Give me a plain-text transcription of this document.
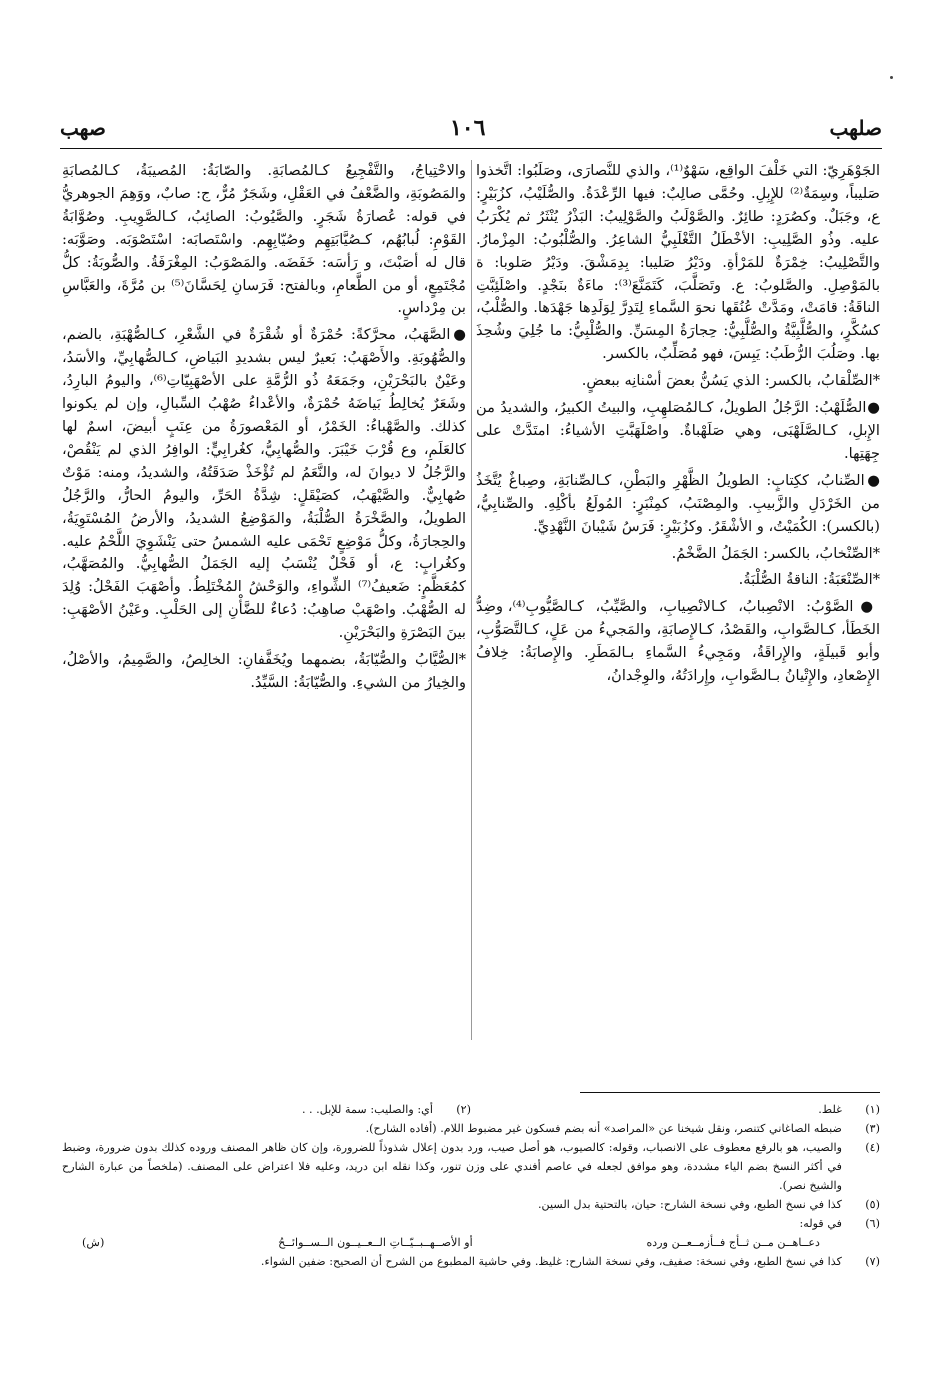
صلهب
١٠٦
صهب

الجَوْهَرِيّ: التي خَلْفَ الواقِع، سَهْوٌ⁽¹⁾، والذي للنَّصارَى، وصَلَبُوا: اتَّخذوا صَليباً، وسِمَةٌ⁽²⁾ للإِبِلِ. وحُمَّى صالِبٌ: فيها الرِّعْدَةُ. والصُّلَيْبُ، كزُبَيْرٍ: ع، وجَبَلٌ. وكصُرَدٍ: طائِرٌ. والصَّوْلَبُ والصَّوْلِيبُ: البَذْرُ يُنْثَرُ ثم يُكْرَبُ عليه. وذُو الصَّلِيبِ: الأخْطَلُ التَّغْلَبِيُّ الشاعِرُ. والصُّلْبُوبُ: المِزْمارُ. والتَّصْلِيبُ: خِمْرَةٌ للمَرْأةِ. ودَيْرُ صَليبا: بِدِمَشْقَ. ودَيْرُ صَلوبا: ة بالمَوْصِلِ. والصَّلوبُ: ع. وتَصَلَّبَ، كَتَمَنَّعَ⁽³⁾: ماءَةٌ بنَجْدٍ. واصْلَئِبَّتِ الناقَةُ: قامَتْ، ومَدَّتْ عُنُقَها نحوَ السَّماءِ لِتَدِرَّ لِوَلَدِها جَهْدَها. والصُّلْبُ، كسُكَّرٍ، والصُّلَّبِيَّةُ والصُّلَّبِيُّ: حِجارَةُ المِسَنِّ. والصُّلْبِيُّ: ما جُلِيَ وشُحِذَ بها. وصَلُبَ الرُّطَبُ: يَبِسَ، فهو مُصَلِّبٌ، بالكسر.

*الصِّلْقابُ، بالكسر: الذي يَسُنُّ بعضَ أسْنانِه ببعضٍ.

●الصُّلَهْبُ: الرَّجُلُ الطويلُ، كـالمُصَلهِبِ، والبيتُ الكبيرُ، والشديدُ من الإِبلِ، كـالصَّلَهْبَى، وهي صَلَهْباةٌ. واصْلَهَبَّتِ الأشياءُ: امتَدَّتْ على جِهَتِها.

●الصِّنابُ، ككِتابٍ: الطويلُ الظَّهْرِ والبَطْنِ، كـالصِّنابَةِ، وصِباغٌ يُتَّخَذُ من الخَرْدَلِ والزَّبيبِ. والمِصْنَبُ، كمِنْبَرٍ: المُولَعُ بأكْلِهِ. والصِّنابِيُّ، (بالكسر): الكُمَيْتُ، و الأشْقَرُ. وكزُبَيْرٍ: فَرَسُ شَيْبانَ النَّهْدِيِّ.

*الصِّنْخابُ، بالكسر: الجَمَلُ الضَّخْمُ.

*الصِّنْعَبَةُ: الناقةُ الصُّلْبَةُ.

●الصَّوْبُ: الانْصِبابُ، كـالانْصِيابِ، والصَّيِّبُ، كـالصَّيُّوبِ⁽⁴⁾، وضِدُّ الخَطَأ، كـالصَّوابِ، والقَصْدُ، كـالإِصابَةِ، والمَجيءُ من عَلٍ، كـالتَّصَوُّبِ، وأبو قَبيلَةٍ، والإِراقَةُ، ومَجِيءُ السَّماءِ بـالمَطَرِ. والإِصابَةُ: خِلافُ الإِصْعادِ، والإِتْيانُ بـالصَّوابِ، وإِرادَتُهُ، والوِجْدانُ،

والاحْتِياجُ، والتَّفْجِيعُ كـالمُصابَةِ. والصّابَةُ: المُصيبَةُ، كـالمُصابَةِ والمَصُوبَةِ، والضَّعْفُ في العَقْلِ، وشَجَرٌ مُرٌّ، ج: صابٌ، ووَهِمَ الجوهريُّ في قوله: عُصارَةُ شَجَرٍ. والصَّيُوبُ: الصائِبُ، كـالصَّوِيبِ. وصُوَّابَةُ القَوْمِ: لُبابُهُم، كـصُيَّابَتِهِم وصُيّابِهِم. واسْتَصابَه: اسْتَصْوَبَه. وصَوَّبَه: قال له أصَبْتَ، و رَأسَه: خَفَضَه. والمَصْوَبُ: المِغْرَفَةُ. والصُّوبَةُ: كلُّ مُجْتَمِعٍ، أو من الطَّعامِ، وبالفتح: فَرَسانِ لِحَسَّانَ⁽⁵⁾ بن مُرَّةَ، والعَبَّاسِ بن مِرْداسٍ.

●الصَّهَبُ، محرَّكةً: حُمْرَةٌ أو شُقْرَةٌ في الشَّعْرِ، كـالصُّهْبَةِ، بالضم، والصُّهُوبَةِ. والأَصْهَبُ: بَعيرٌ ليس بشديدِ البَياضِ، كـالصُّهابِيِّ، والأسَدُ، وعَيْنٌ بالبَحْرَيْنِ، وجَمَعَهُ ذُو الرُّمَّةِ على الأصْهَبِيّاتِ⁽⁶⁾، واليومُ البارِدُ، وشَعَرٌ يُخالِطُ بَياضَهُ حُمْرَةٌ، والأعْداءُ صُهْبُ السِّبالِ، وإن لم يكونوا كذلك. والصَّهْباءُ: الخَمْرُ، أو المَعْصورَةُ من عِنَبٍ أبيضَ، اسمٌ لها كالعَلَمِ، وع قُرْبَ خَيْبَرَ. والصُّهابِيُّ، كغُرابِيٍّ: الوافِرُ الذي لم يَنْقُصْ، والرَّجُلُ لا ديوانَ له، والنَّعَمُ لم تُؤْخَذْ صَدَقَتُهُ، والشديدُ، ومنه: مَوْتٌ صُهابِيٌّ. والصَّيْهَبُ، كصَيْقَلٍ: شِدَّةُ الحَرِّ، واليومُ الحارُّ، والرَّجُلُ الطويلُ، والصَّخْرَةُ الصُّلْبَةُ، والمَوْضِعُ الشديدُ، والأرضُ المُسْتَوِيَةُ، والحِجارَةُ، وكلُّ مَوْضِعٍ تَحْمَى عليه الشمسُ حتى يَنْشَوِيَ اللَّحْمُ عليه. وكغُرابٍ: ع، أو فَحْلٌ يُنْسَبُ إليه الجَمَلُ الصُّهابِيُّ. والمُصَهَّبُ، كمُعَظَّمٍ: ضَعيفُ⁽⁷⁾ الشِّواءِ، والوَحْشُ المُخْتَلِطُ. وأصْهَبَ الفَحْلُ: وُلِدَ له الصُّهْبُ. واصْهَبْ صاهِبُ: دُعاءٌ للضَّأْنِ إلى الحَلْبِ. وعَيْنُ الأصْهَبِ: بينَ البَصْرَةِ والبَحْرَيْنِ.

*الصُّيَّابُ والصُّيّابَةُ، بضمهما ويُخَفَّفانِ: الخالِصُ، والصَّمِيمُ، والأصْلُ، والخِيارُ من الشيءِ. والصُّيّابَةُ: السَّيِّدُ.

(١)
غلط.
(٢)
أي: والصليب: سمة للإبل. . .
(٣)
ضبطه الصاغاني كتنصر، ونقل شيخنا عن «المراصد» أنه بضم فسكون غير مضبوط اللام. (أفاده الشارح).
(٤)
والصيب، هو بالرفع معطوف على الانصباب، وقوله: كالصيوب، هو أصل صيب، ورد بدون إعلال شذوذاً للضرورة، وإن كان ظاهر المصنف وروده كذلك بدون ضرورة، وضبط في أكثر النسخ بضم الياء مشددة، وهو موافق لجعله في عاصم أفندي على وزن تنور، وكذا نقله ابن دريد، وعليه فلا اعتراض على المصنف. (ملخصاً من عبارة الشارح والشيخ نصر).
(٥)
كذا في نسخ الطبع، وفي نسخة الشارح: حيان، بالتحتية بدل السين.
(٦)
في قوله:
دعــاهــن مــن ثــأج فــأزمــعــن ورده
أو الأصــهــبــيّــاتِ الــعــيــون الــســوائــحُ
(ش)
(٧)
كذا في نسخ الطبع، وفي نسخة: صفيف، وفي نسخة الشارح: غليظ. وفي حاشية المطبوع من الشرح أن الصحيح: ضفين الشواء.
